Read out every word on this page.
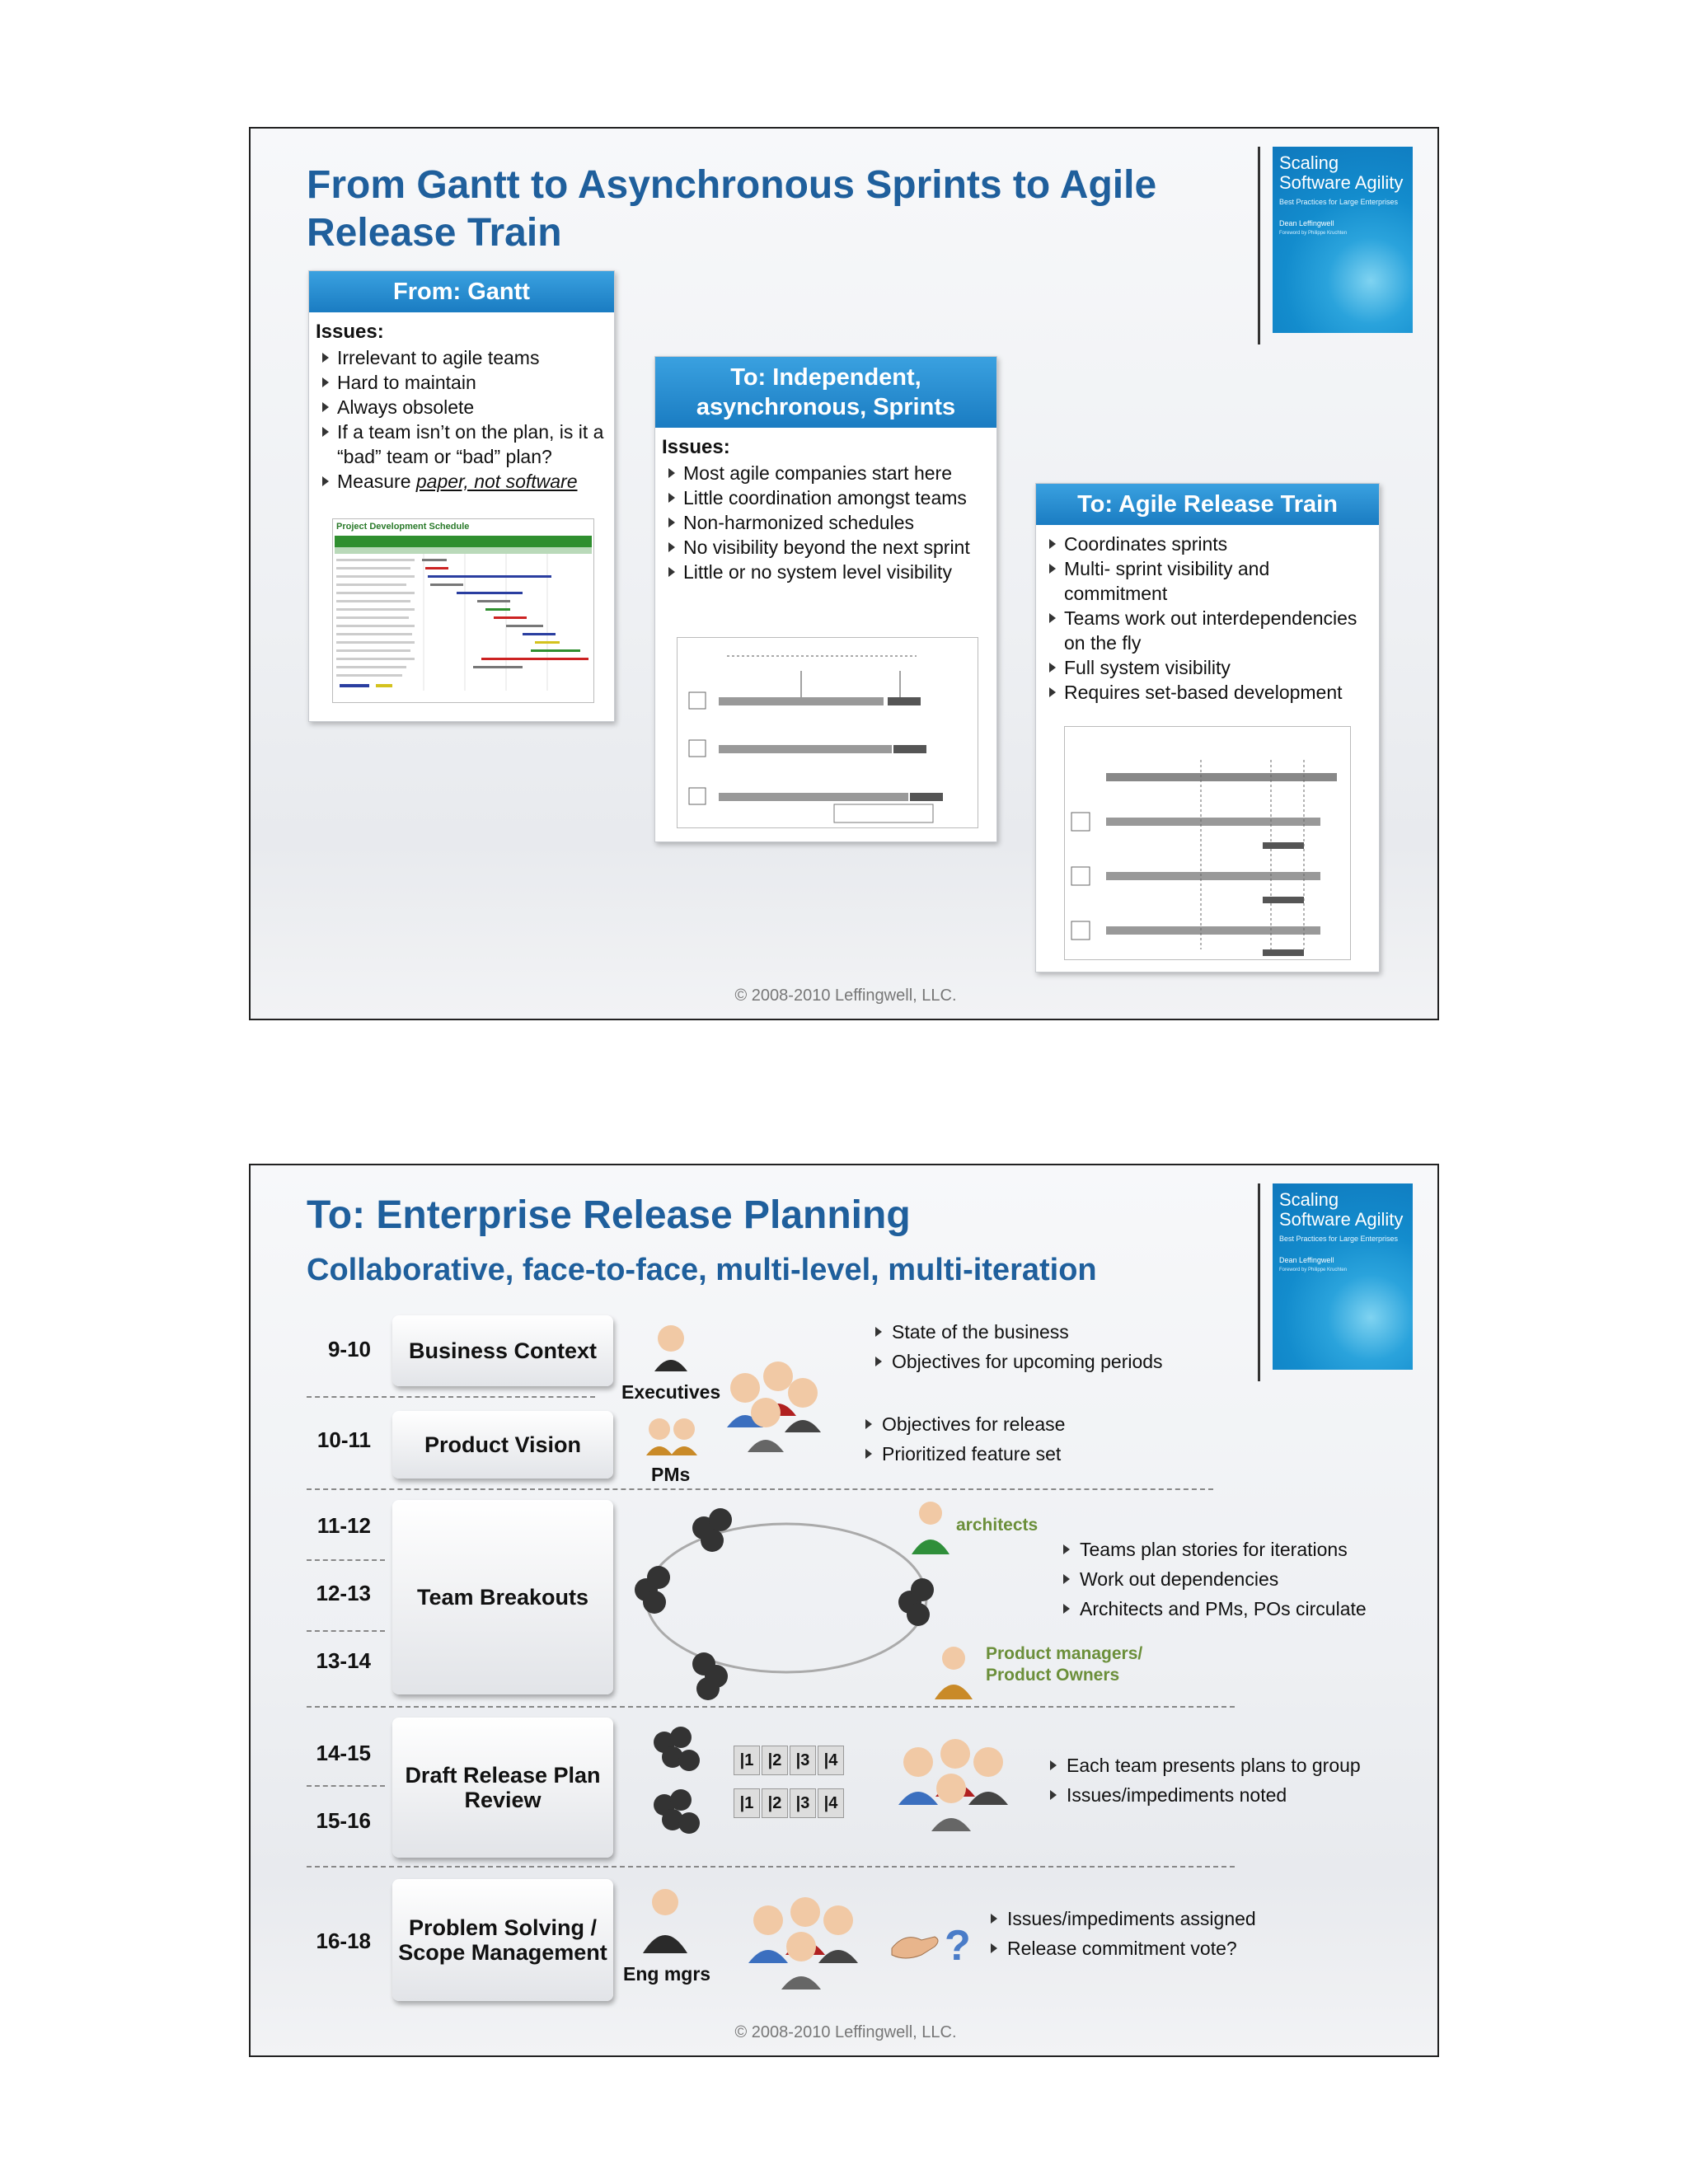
From Gantt to Asynchronous Sprints to Agile
Release Train
Scaling
Software Agility
Best Practices for Large Enterprises
Dean Leffingwell
Foreword by Philippe Kruchten
From: Gantt
Issues:
Irrelevant to agile teams
Hard to maintain
Always obsolete
If a team isn’t on the plan, is it a “bad” team or “bad” plan?
Measure paper, not software
Project Development Schedule
To: Independent,
asynchronous, Sprints
Issues:
Most agile companies start here
Little coordination amongst teams
Non-harmonized schedules
No visibility beyond the next sprint
Little or no system level visibility
To: Agile Release Train
Coordinates sprints
Multi- sprint visibility and commitment
Teams work out interdependencies on the fly
Full system visibility
Requires set-based development
© 2008-2010 Leffingwell, LLC.
To: Enterprise Release Planning
Collaborative, face-to-face, multi-level, multi-iteration
Scaling
Software Agility
Best Practices for Large Enterprises
Dean Leffingwell
Foreword by Philippe Kruchten
9-10
10-11
11-12
12-13
13-14
14-15
15-16
16-18
Business Context
Product Vision
Team Breakouts
Draft Release Plan Review
Problem Solving / Scope Management
Executives
PMs
architects
Product managers/
Product Owners
|1 |2 |3 |4
|1 |2 |3 |4
Eng mgrs
?
State of the business
Objectives for upcoming periods
Objectives for release
Prioritized feature set
Teams plan stories for iterations
Work out dependencies
Architects and PMs, POs circulate
Each team presents plans to group
Issues/impediments noted
Issues/impediments assigned
Release commitment vote?
© 2008-2010 Leffingwell, LLC.
